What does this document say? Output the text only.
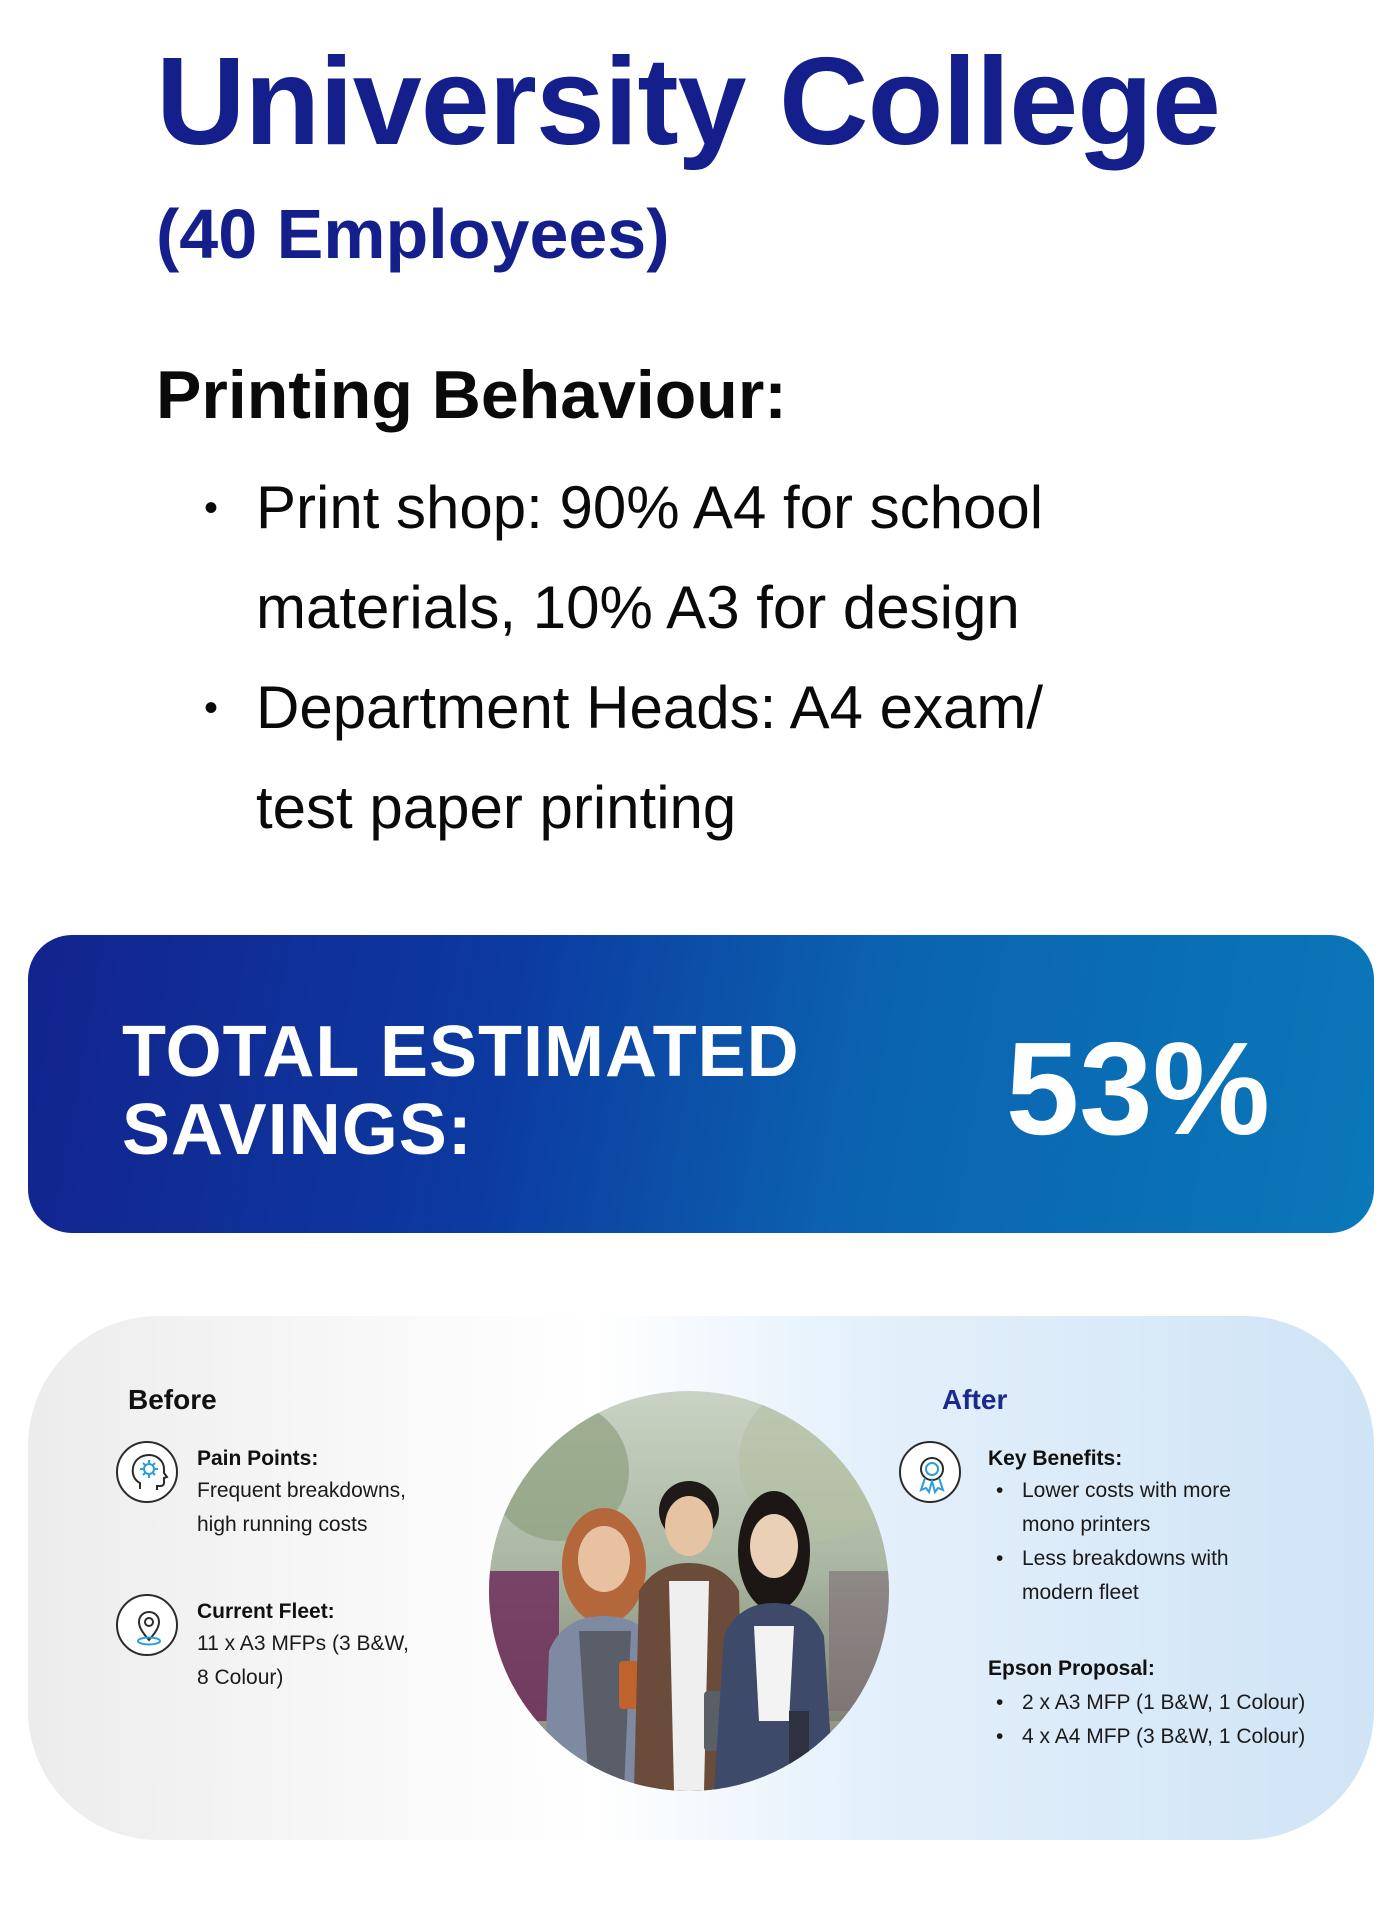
University College
(40 Employees)
Printing Behaviour:
• Print shop: 90% A4 for school
materials, 10% A3 for design
• Department Heads: A4 exam/
test paper printing

TOTAL ESTIMATED
SAVINGS:	53%

Before

Pain Points:

Frequent breakdowns,
high running costs

Current Fleet:

11 x A3 MFPs (3 B&W,
8 Colour)

After

Key Benefits:

• Lower costs with more
mono printers
• Less breakdowns with
modern fleet

Epson Proposal:

• 2 x A3 MFP (1 B&W, 1 Colour)
• 4 x A4 MFP (3 B&W, 1 Colour)
